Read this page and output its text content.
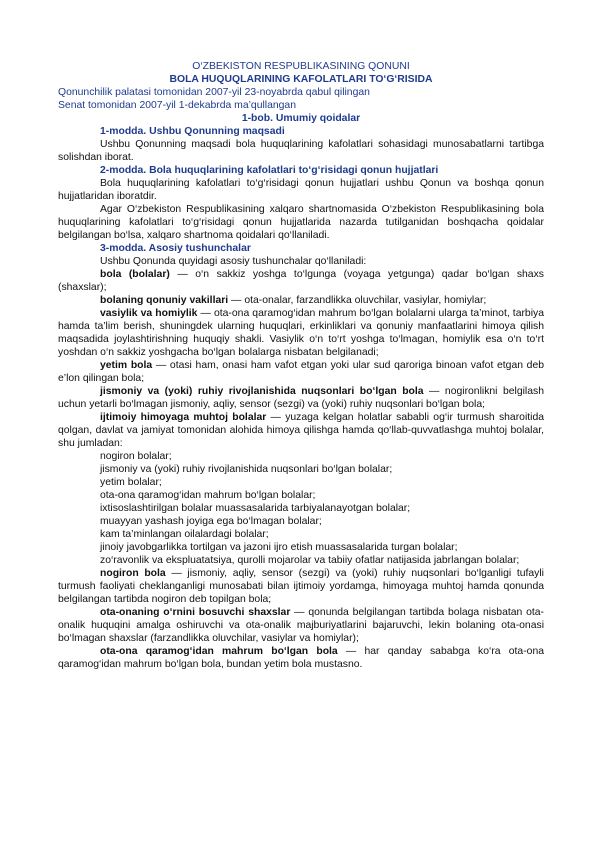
O‘ZBEKISTON RESPUBLIKASINING QONUNI

BOLA HUQUQLARINING KAFOLATLARI TO‘G‘RISIDA

Qonunchilik palatasi tomonidan 2007-yil 23-noyabrda qabul qilingan

Senat tomonidan 2007-yil 1-dekabrda ma’qullangan

1-bob. Umumiy qoidalar

1-modda. Ushbu Qonunning maqsadi

Ushbu Qonunning maqsadi bola huquqlarining kafolatlari sohasidagi munosabatlarni tartibga solishdan iborat.

2-modda. Bola huquqlarining kafolatlari to‘g‘risidagi qonun hujjatlari

Bola huquqlarining kafolatlari to‘g‘risidagi qonun hujjatlari ushbu Qonun va boshqa qonun hujjatlaridan iboratdir.

Agar O‘zbekiston Respublikasining xalqaro shartnomasida O‘zbekiston Respublikasining bola huquqlarining kafolatlari to‘g‘risidagi qonun hujjatlarida nazarda tutilganidan boshqacha qoidalar belgilangan bo‘lsa, xalqaro shartnoma qoidalari qo‘llaniladi.

3-modda. Asosiy tushunchalar

Ushbu Qonunda quyidagi asosiy tushunchalar qo‘llaniladi:

bola (bolalar) — o‘n sakkiz yoshga to‘lgunga (voyaga yetgunga) qadar bo‘lgan shaxs (shaxslar);

bolaning qonuniy vakillari — ota-onalar, farzandlikka oluvchilar, vasiylar, homiylar;

vasiylik va homiylik — ota-ona qaramog‘idan mahrum bo‘lgan bolalarni ularga ta’minot, tarbiya hamda ta’lim berish, shuningdek ularning huquqlari, erkinliklari va qonuniy manfaatlarini himoya qilish maqsadida joylashtirishning huquqiy shakli. Vasiylik o‘n to‘rt yoshga to‘lmagan, homiylik esa o‘n to‘rt yoshdan o‘n sakkiz yoshgacha bo‘lgan bolalarga nisbatan belgilanadi;

yetim bola — otasi ham, onasi ham vafot etgan yoki ular sud qaroriga binoan vafot etgan deb e’lon qilingan bola;

jismoniy va (yoki) ruhiy rivojlanishida nuqsonlari bo‘lgan bola — nogironlikni belgilash uchun yetarli bo‘lmagan jismoniy, aqliy, sensor (sezgi) va (yoki) ruhiy nuqsonlari bo‘lgan bola;

ijtimoiy himoyaga muhtoj bolalar — yuzaga kelgan holatlar sababli og‘ir turmush sharoitida qolgan, davlat va jamiyat tomonidan alohida himoya qilishga hamda qo‘llab-quvvatlashga muhtoj bolalar, shu jumladan:

nogiron bolalar;

jismoniy va (yoki) ruhiy rivojlanishida nuqsonlari bo‘lgan bolalar;

yetim bolalar;

ota-ona qaramog‘idan mahrum bo‘lgan bolalar;

ixtisoslashtirilgan bolalar muassasalarida tarbiyalanayotgan bolalar;

muayyan yashash joyiga ega bo‘lmagan bolalar;

kam ta’minlangan oilalardagi bolalar;

jinoiy javobgarlikka tortilgan va jazoni ijro etish muassasalarida turgan bolalar;

zo‘ravonlik va ekspluatatsiya, qurolli mojarolar va tabiiy ofatlar natijasida jabrlangan bolalar;

nogiron bola — jismoniy, aqliy, sensor (sezgi) va (yoki) ruhiy nuqsonlari bo‘lganligi tufayli turmush faoliyati cheklanganligi munosabati bilan ijtimoiy yordamga, himoyaga muhtoj hamda qonunda belgilangan tartibda nogiron deb topilgan bola;

ota-onaning o‘rnini bosuvchi shaxslar — qonunda belgilangan tartibda bolaga nisbatan ota-onalik huquqini amalga oshiruvchi va ota-onalik majburiyatlarini bajaruvchi, lekin bolaning ota-onasi bo‘lmagan shaxslar (farzandlikka oluvchilar, vasiylar va homiylar);

ota-ona qaramog‘idan mahrum bo‘lgan bola — har qanday sababga ko‘ra ota-ona qaramog‘idan mahrum bo‘lgan bola, bundan yetim bola mustasno.
